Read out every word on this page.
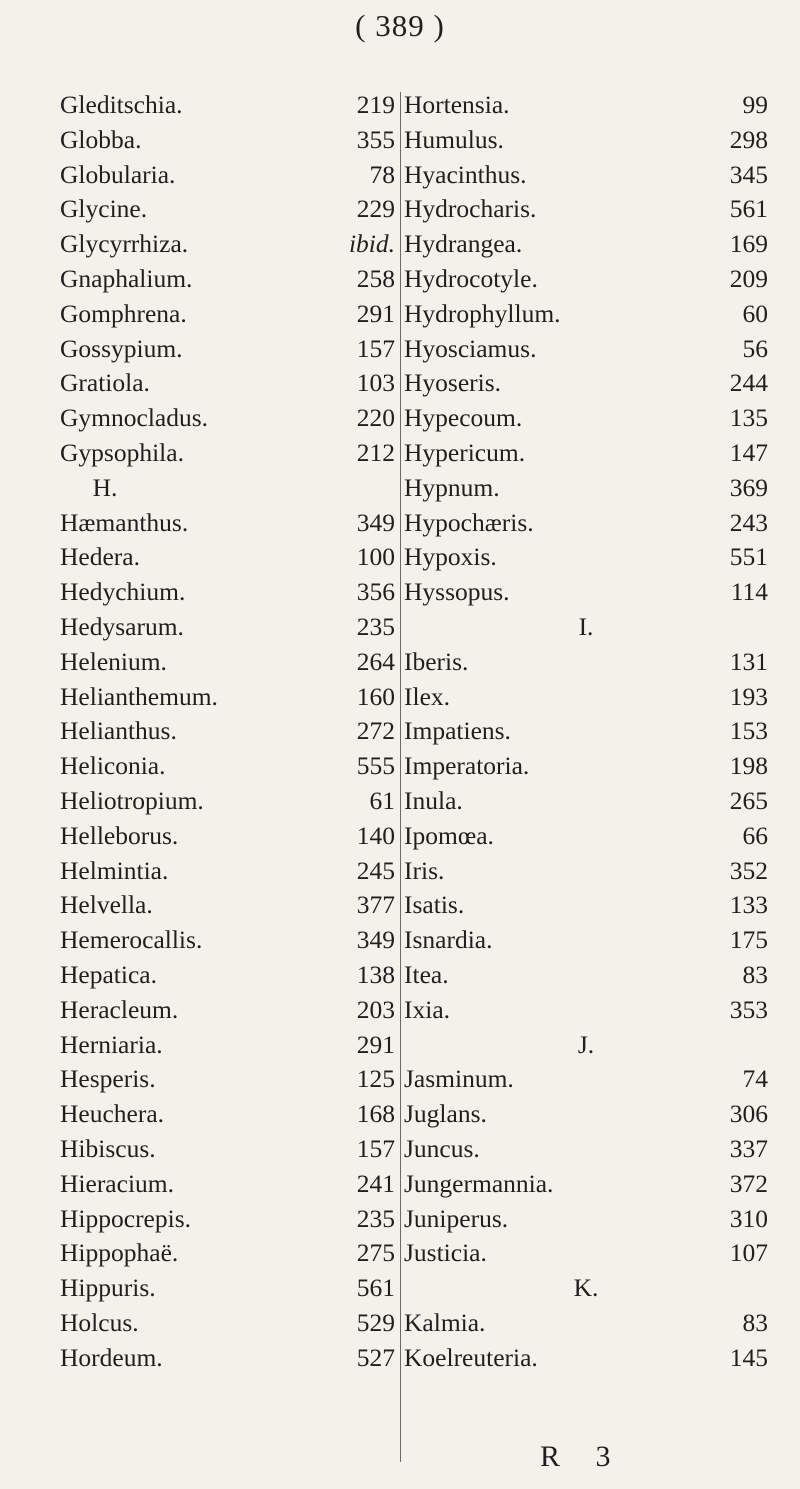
( 389 )
Gleditschia.	219
Globba.	355
Globularia.	78
Glycine.	229
Glycyrrhiza.	ibid.
Gnaphalium.	258
Gomphrena.	291
Gossypium.	157
Gratiola.	103
Gymnocladus.	220
Gypsophila.	212
H.
Hæmanthus.	349
Hedera.	100
Hedychium.	356
Hedysarum.	235
Helenium.	264
Helianthemum.	160
Helianthus.	272
Heliconia.	555
Heliotropium.	61
Helleborus.	140
Helmintia.	245
Helvella.	377
Hemerocallis.	349
Hepatica.	138
Heracleum.	203
Herniaria.	291
Hesperis.	125
Heuchera.	168
Hibiscus.	157
Hieracium.	241
Hippocrepis.	235
Hippophaë.	275
Hippuris.	561
Holcus.	529
Hordeum.	527
Hortensia.	99
Humulus.	298
Hyacinthus.	345
Hydrocharis.	561
Hydrangea.	169
Hydrocotyle.	209
Hydrophyllum.	60
Hyosciamus.	56
Hyoseris.	244
Hypecoum.	135
Hypericum.	147
Hypnum.	369
Hypochæris.	243
Hypoxis.	551
Hyssopus.	114
I.
Iberis.	131
Ilex.	193
Impatiens.	153
Imperatoria.	198
Inula.	265
Ipomœa.	66
Iris.	352
Isatis.	133
Isnardia.	175
Itea.	83
Ixia.	353
J.
Jasminum.	74
Juglans.	306
Juncus.	337
Jungermannia.	372
Juniperus.	310
Justicia.	107
K.
Kalmia.	83
Koelreuteria.	145
R 3
